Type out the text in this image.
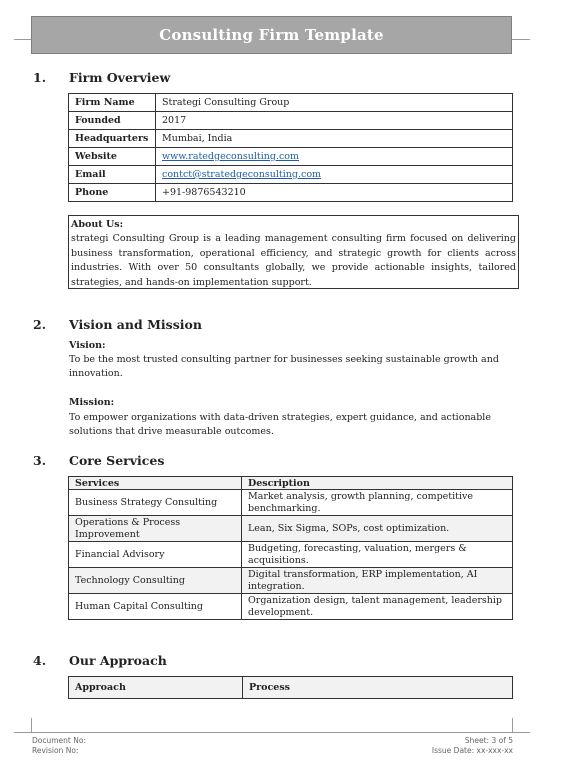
Consulting Firm Template
1. Firm Overview
Firm Name	Strategi Consulting Group
Founded	2017
Headquarters	Mumbai, India
Website	www.ratedgeconsulting.com
Email	contct@stratedgeconsulting.com
Phone	+91-9876543210
About Us:
strategi Consulting Group is a leading management consulting firm focused on delivering business transformation, operational efficiency, and strategic growth for clients across industries. With over 50 consultants globally, we provide actionable insights, tailored strategies, and hands-on implementation support.
2. Vision and Mission
Vision:
To be the most trusted consulting partner for businesses seeking sustainable growth and innovation.
Mission:
To empower organizations with data-driven strategies, expert guidance, and actionable solutions that drive measurable outcomes.
3. Core Services
Services	Description
Business Strategy Consulting	Market analysis, growth planning, competitive benchmarking.
Operations & Process Improvement	Lean, Six Sigma, SOPs, cost optimization.
Financial Advisory	Budgeting, forecasting, valuation, mergers & acquisitions.
Technology Consulting	Digital transformation, ERP implementation, AI integration.
Human Capital Consulting	Organization design, talent management, leadership development.
4. Our Approach
Approach	Process
Document No:
Revision No:
Sheet: 3 of 5
Issue Date: xx-xxx-xx
